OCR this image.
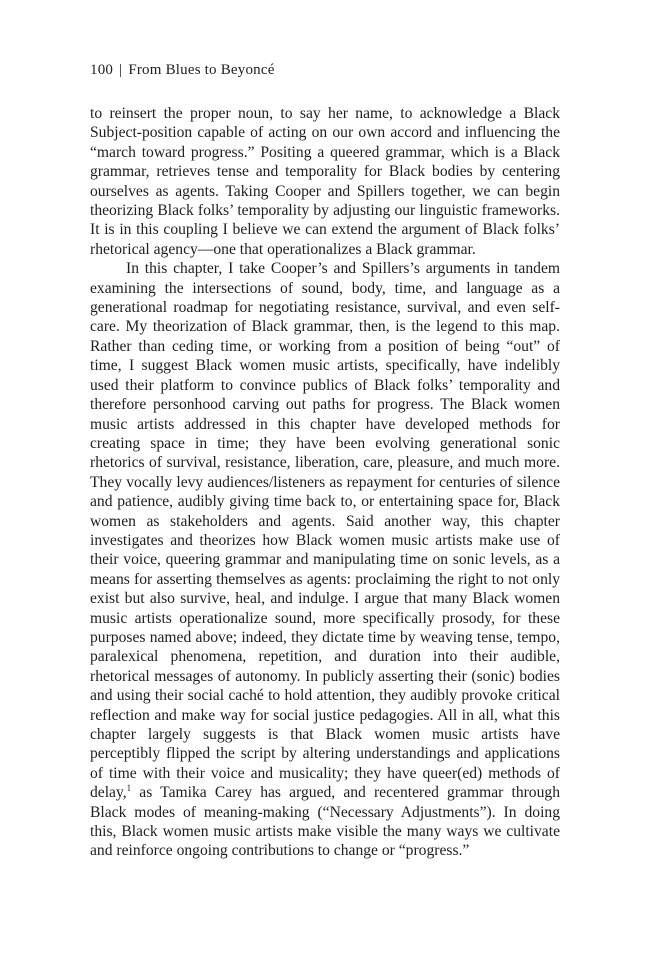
100 | From Blues to Beyoncé

to reinsert the proper noun, to say her name, to acknowledge a Black Subject-position capable of acting on our own accord and influencing the “march toward progress.” Positing a queered grammar, which is a Black grammar, retrieves tense and temporality for Black bodies by centering ourselves as agents. Taking Cooper and Spillers together, we can begin theorizing Black folks’ temporality by adjusting our linguistic frameworks. It is in this coupling I believe we can extend the argument of Black folks’ rhetorical agency—one that operationalizes a Black grammar.

In this chapter, I take Cooper’s and Spillers’s arguments in tandem examining the intersections of sound, body, time, and language as a generational roadmap for negotiating resistance, survival, and even self-care. My theorization of Black grammar, then, is the legend to this map. Rather than ceding time, or working from a position of being “out” of time, I suggest Black women music artists, specifically, have indelibly used their platform to convince publics of Black folks’ temporality and therefore personhood carving out paths for progress. The Black women music artists addressed in this chapter have developed methods for creating space in time; they have been evolving generational sonic rhetorics of survival, resistance, liberation, care, pleasure, and much more. They vocally levy audiences/listeners as repayment for centuries of silence and patience, audibly giving time back to, or entertaining space for, Black women as stakeholders and agents. Said another way, this chapter investigates and theorizes how Black women music artists make use of their voice, queering grammar and manipulating time on sonic levels, as a means for asserting themselves as agents: proclaiming the right to not only exist but also survive, heal, and indulge. I argue that many Black women music artists operationalize sound, more specifically prosody, for these purposes named above; indeed, they dictate time by weaving tense, tempo, paralexical phenomena, repetition, and duration into their audible, rhetorical messages of autonomy. In publicly asserting their (sonic) bodies and using their social caché to hold attention, they audibly provoke critical reflection and make way for social justice pedagogies. All in all, what this chapter largely suggests is that Black women music artists have perceptibly flipped the script by altering understandings and applications of time with their voice and musicality; they have queer(ed) methods of delay,$^1$ as Tamika Carey has argued, and recentered grammar through Black modes of meaning-making (“Necessary Adjustments”). In doing this, Black women music artists make visible the many ways we cultivate and reinforce ongoing contributions to change or “progress.”
